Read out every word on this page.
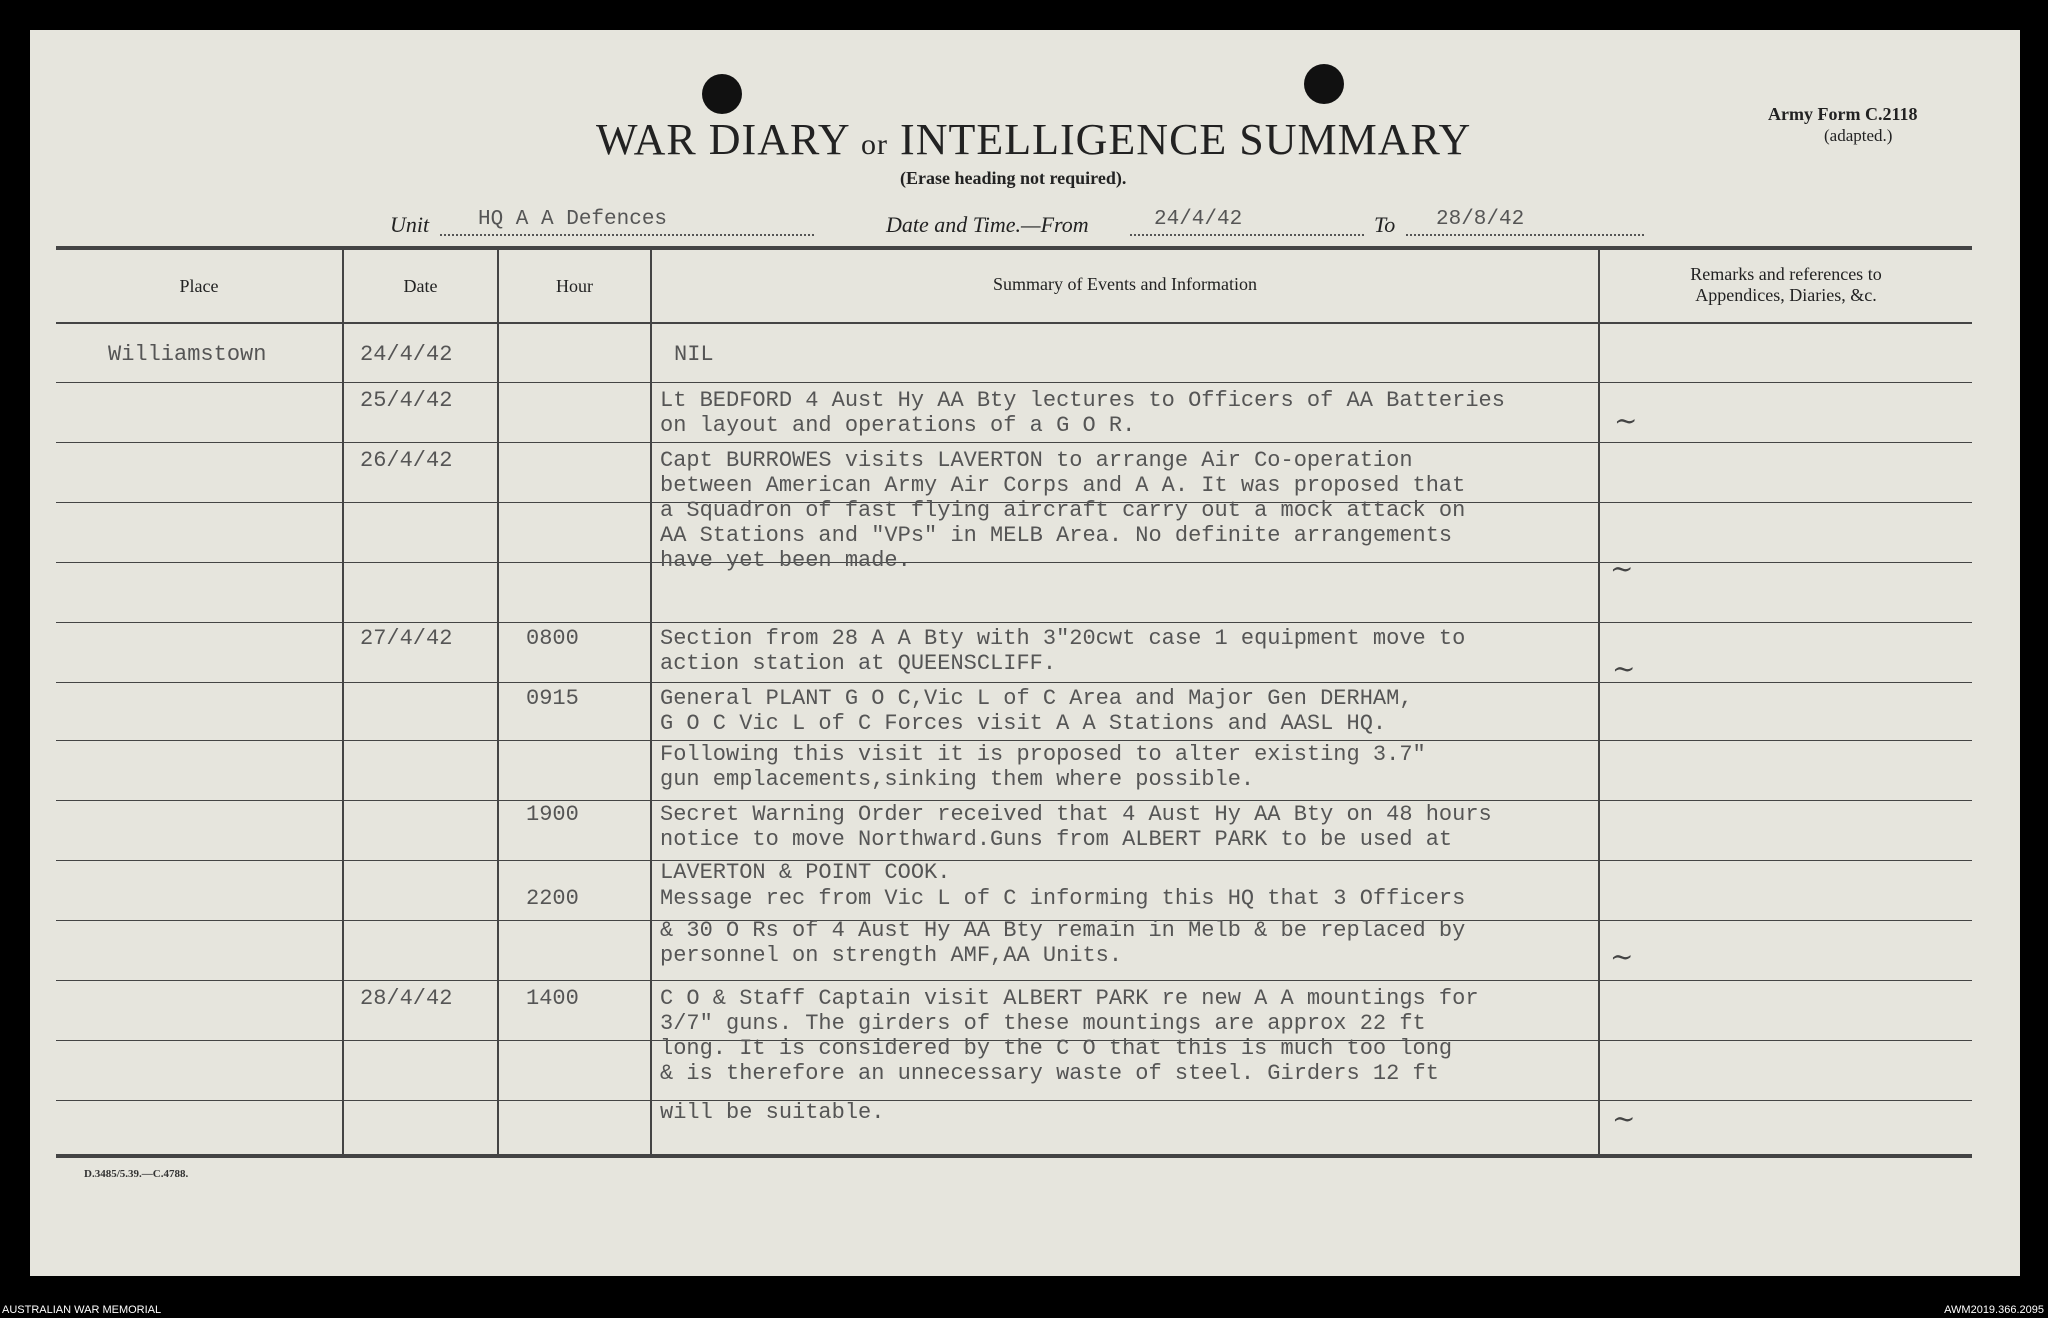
WAR DIARY or INTELLIGENCE SUMMARY
(Erase heading not required).
Army Form C.2118
(adapted.)
Unit HQ A A Defences	Date and Time.—From	24/4/42	To 28/8/42
Place	Date	Hour	Summary of Events and Information	Remarks and references to
Appendices, Diaries, &c.
Williamstown	24/4/42	NIL
25/4/42	Lt BEDFORD 4 Aust Hy AA Bty lectures to Officers of AA Batteries
on layout and operations of a G O R.	~
26/4/42	Capt BURROWES visits LAVERTON to arrange Air Co-operation
between American Army Air Corps and A A. It was proposed that
a Squadron of fast flying aircraft carry out a mock attack on
AA Stations and "VPs" in MELB Area. No definite arrangements
have yet been made.	~
27/4/42	0800	Section from 28 A A Bty with 3"20cwt case 1 equipment move to
action station at QUEENSCLIFF.	~
0915	General PLANT G O C,Vic L of C Area and Major Gen DERHAM,
G O C Vic L of C Forces visit A A Stations and AASL HQ.
Following this visit it is proposed to alter existing 3.7"
gun emplacements,sinking them where possible.
1900	Secret Warning Order received that 4 Aust Hy AA Bty on 48 hours
notice to move Northward.Guns from ALBERT PARK to be used at
LAVERTON & POINT COOK.
2200	Message rec from Vic L of C informing this HQ that 3 Officers
& 30 O Rs of 4 Aust Hy AA Bty remain in Melb & be replaced by
personnel on strength AMF,AA Units.	~
28/4/42	1400	C O & Staff Captain visit ALBERT PARK re new A A mountings for
3/7" guns. The girders of these mountings are approx 22 ft
long. It is considered by the C O that this is much too long
& is therefore an unnecessary waste of steel. Girders 12 ft
will be suitable.	~
D.3485/5.39.—C.4788.
AUSTRALIAN WAR MEMORIAL	AWM2019.366.2095
